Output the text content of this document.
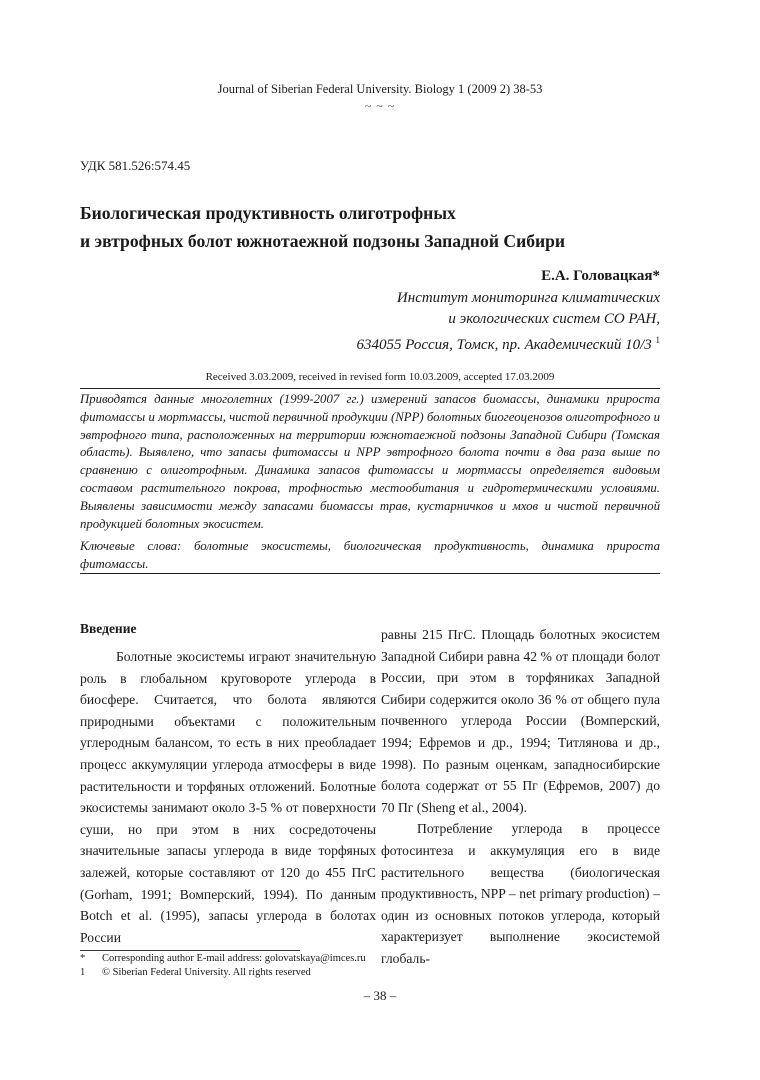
Journal of Siberian Federal University. Biology 1 (2009 2) 38-53
~ ~ ~
УДК 581.526:574.45
Биологическая продуктивность олиготрофных
и эвтрофных болот южнотаежной подзоны Западной Сибири
Е.А. Головацкая*
Институт мониторинга климатических
и экологических систем СО РАН,
634055 Россия, Томск, пр. Академический 10/3 $^1$
Received 3.03.2009, received in revised form 10.03.2009, accepted 17.03.2009
Приводятся данные многолетних (1999-2007 гг.) измерений запасов биомассы, динамики прироста фитомассы и мортмассы, чистой первичной продукции (NPP) болотных биогеоценозов олиготрофного и эвтрофного типа, расположенных на территории южнотаежной подзоны Западной Сибири (Томская область). Выявлено, что запасы фитомассы и NPP эвтрофного болота почти в два раза выше по сравнению с олиготрофным. Динамика запасов фитомассы и мортмассы определяется видовым составом растительного покрова, трофностью местообитания и гидротермическими условиями. Выявлены зависимости между запасами биомассы трав, кустарничков и мхов и чистой первичной продукцией болотных экосистем.
Ключевые слова: болотные экосистемы, биологическая продуктивность, динамика прироста фитомассы.
Введение

Болотные экосистемы играют значительную роль в глобальном круговороте углерода в биосфере. Считается, что болота являются природными объектами с положительным углеродным балансом, то есть в них преобладает процесс аккумуляции углерода атмосферы в виде растительности и торфяных отложений. Болотные экосистемы занимают около 3-5 % от поверхности суши, но при этом в них сосредоточены значительные запасы углерода в виде торфяных залежей, которые составляют от 120 до 455 ПгС (Gorham, 1991; Вомперский, 1994). По данным Botch et al. (1995), запасы углерода в болотах России

равны 215 ПгС. Площадь болотных экосистем Западной Сибири равна 42 % от площади болот России, при этом в торфяниках Западной Сибири содержится около 36 % от общего пула почвенного углерода России (Вомперский, 1994; Ефремов и др., 1994; Титлянова и др., 1998). По разным оценкам, западносибирские болота содержат от 55 Пг (Ефремов, 2007) до 70 Пг (Sheng et al., 2004).

Потребление углерода в процессе фотосинтеза и аккумуляция его в виде растительного вещества (биологическая продуктивность, NPP – net primary production) – один из основных потоков углерода, который характеризует выполнение экосистемой глобаль-

*	Corresponding author E-mail address: golovatskaya@imces.ru
1	© Siberian Federal University. All rights reserved
– 38 –
